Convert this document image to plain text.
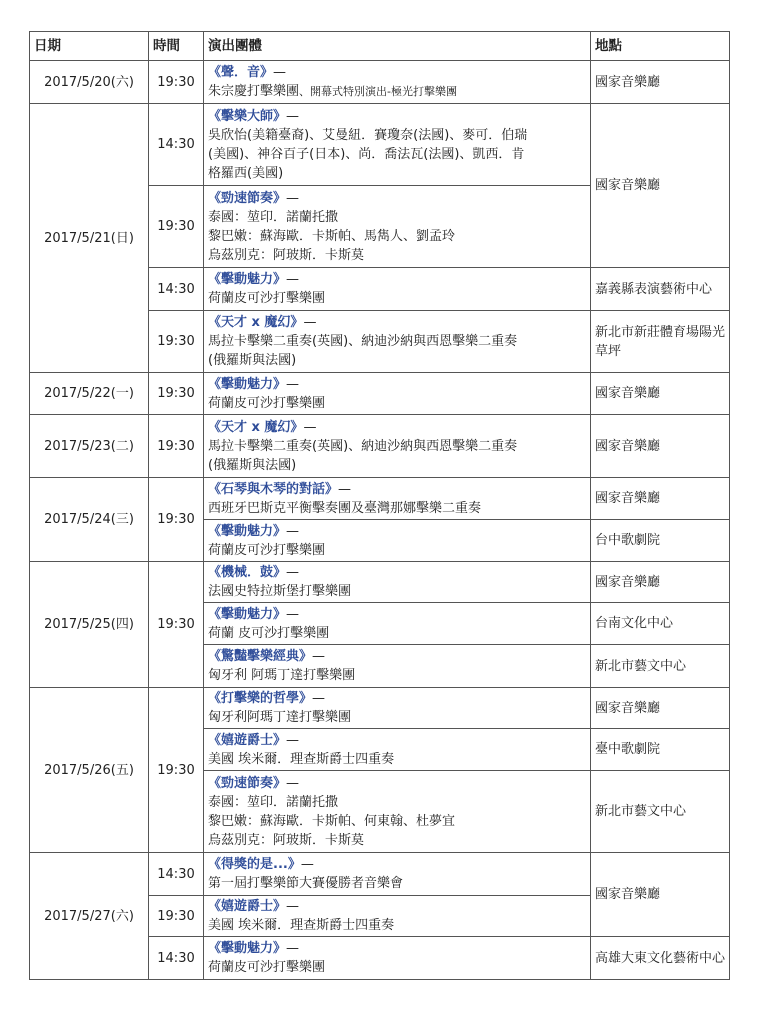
日期	時間	演出團體	地點
2017/5/20(六)	19:30	《聲．音》—
朱宗慶打擊樂團、開幕式特別演出-極光打擊樂團	國家音樂廳
2017/5/21(日)	14:30	《擊樂大師》—
吳欣怡(美籍臺裔)、艾曼紐．賽瓊奈(法國)、麥可．伯瑞
(美國)、神谷百子(日本)、尚．喬法瓦(法國)、凱西．肯
格羅西(美國)	國家音樂廳
	19:30	《勁速節奏》—
泰國：堃印．諾蘭托撒
黎巴嫩：蘇海歐．卡斯帕、馬雋人、劉孟玲
烏茲別克：阿玻斯．卡斯莫	

	14:30	《擊動魅力》—
荷蘭皮可沙打擊樂團	嘉義縣表演藝術中心
	19:30	《天才 x 魔幻》—
馬拉卡擊樂二重奏(英國)、納迪沙納與西恩擊樂二重奏
(俄羅斯與法國)	新北市新莊體育場陽光草坪
2017/5/22(一)	19:30	《擊動魅力》—
荷蘭皮可沙打擊樂團	國家音樂廳
2017/5/23(二)	19:30	《天才 x 魔幻》—
馬拉卡擊樂二重奏(英國)、納迪沙納與西恩擊樂二重奏
(俄羅斯與法國)	國家音樂廳
2017/5/24(三)	19:30	《石琴與木琴的對話》—
西班牙巴斯克平衡擊奏團及臺灣那娜擊樂二重奏	國家音樂廳

		《擊動魅力》—
荷蘭皮可沙打擊樂團	台中歌劇院
2017/5/25(四)	19:30	《機械．鼓》—
法國史特拉斯堡打擊樂團	國家音樂廳

		《擊動魅力》—
荷蘭 皮可沙打擊樂團	台南文化中心

		《驚豔擊樂經典》—
匈牙利 阿瑪丁達打擊樂團	新北市藝文中心
2017/5/26(五)	19:30	《打擊樂的哲學》—
匈牙利阿瑪丁達打擊樂團	國家音樂廳

		《嬉遊爵士》—
美國 埃米爾．理查斯爵士四重奏	臺中歌劇院

		《勁速節奏》—
泰國：堃印．諾蘭托撒
黎巴嫩：蘇海歐．卡斯帕、何東翰、杜夢宜
烏茲別克：阿玻斯．卡斯莫	新北市藝文中心
2017/5/27(六)	14:30	《得獎的是...》—
第一屆打擊樂節大賽優勝者音樂會	國家音樂廳
	19:30	《嬉遊爵士》—
美國 埃米爾．理查斯爵士四重奏	

	14:30	《擊動魅力》—
荷蘭皮可沙打擊樂團	高雄大東文化藝術中心
